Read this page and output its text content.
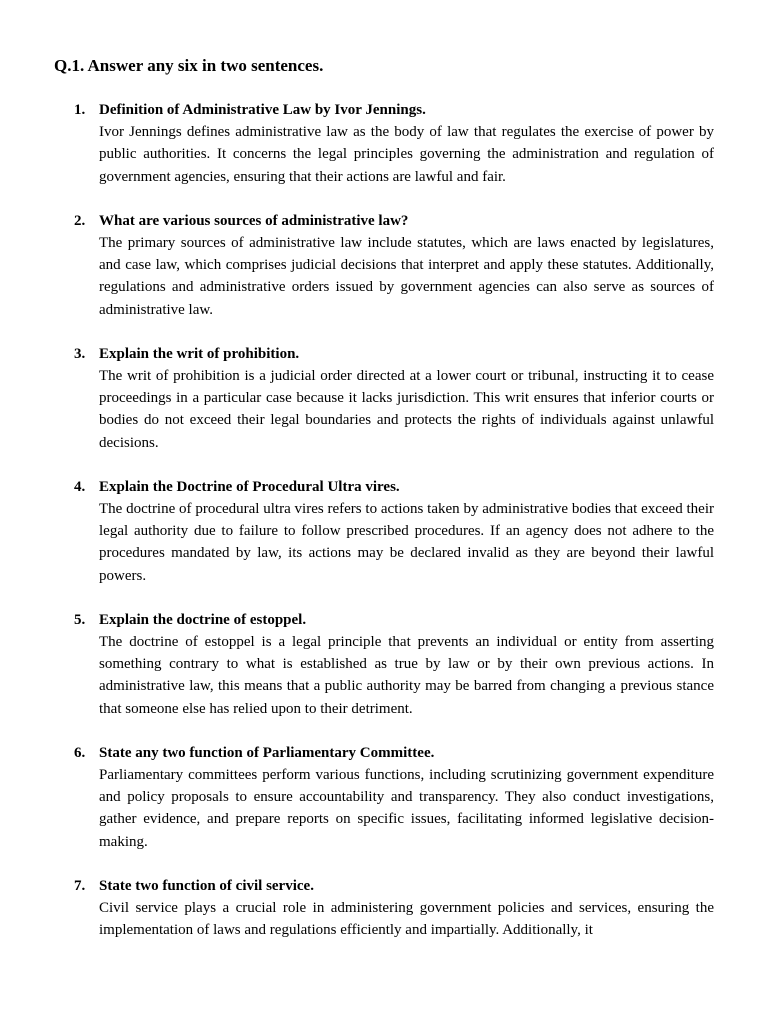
Q.1. Answer any six in two sentences.
1. Definition of Administrative Law by Ivor Jennings.

Ivor Jennings defines administrative law as the body of law that regulates the exercise of power by public authorities. It concerns the legal principles governing the administration and regulation of government agencies, ensuring that their actions are lawful and fair.

2. What are various sources of administrative law?

The primary sources of administrative law include statutes, which are laws enacted by legislatures, and case law, which comprises judicial decisions that interpret and apply these statutes. Additionally, regulations and administrative orders issued by government agencies can also serve as sources of administrative law.

3. Explain the writ of prohibition.

The writ of prohibition is a judicial order directed at a lower court or tribunal, instructing it to cease proceedings in a particular case because it lacks jurisdiction. This writ ensures that inferior courts or bodies do not exceed their legal boundaries and protects the rights of individuals against unlawful decisions.

4. Explain the Doctrine of Procedural Ultra vires.

The doctrine of procedural ultra vires refers to actions taken by administrative bodies that exceed their legal authority due to failure to follow prescribed procedures. If an agency does not adhere to the procedures mandated by law, its actions may be declared invalid as they are beyond their lawful powers.

5. Explain the doctrine of estoppel.

The doctrine of estoppel is a legal principle that prevents an individual or entity from asserting something contrary to what is established as true by law or by their own previous actions. In administrative law, this means that a public authority may be barred from changing a previous stance that someone else has relied upon to their detriment.

6. State any two function of Parliamentary Committee.

Parliamentary committees perform various functions, including scrutinizing government expenditure and policy proposals to ensure accountability and transparency. They also conduct investigations, gather evidence, and prepare reports on specific issues, facilitating informed legislative decision-making.

7. State two function of civil service.

Civil service plays a crucial role in administering government policies and services, ensuring the implementation of laws and regulations efficiently and impartially. Additionally, it
